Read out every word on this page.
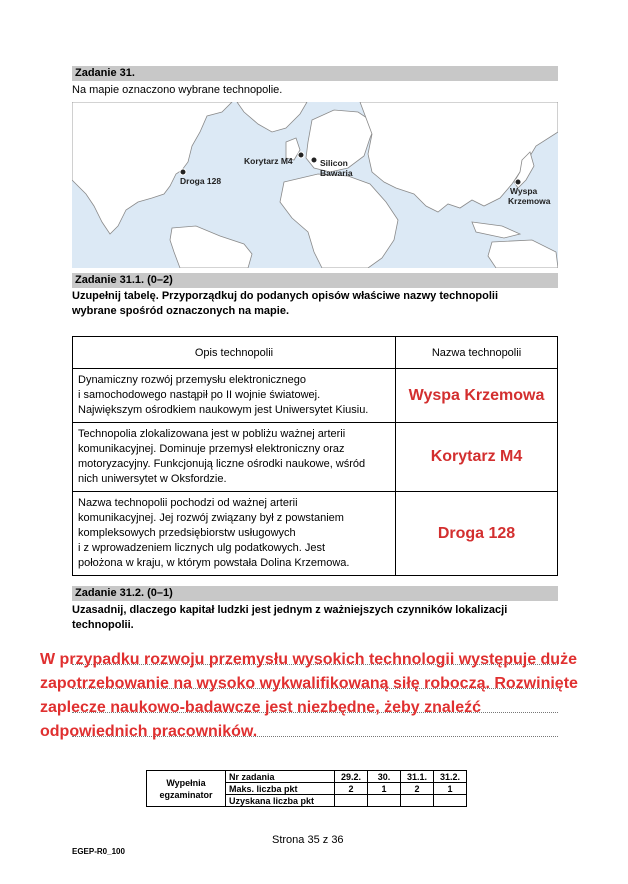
Zadanie 31.
Na mapie oznaczono wybrane technopolie.
Droga 128
Korytarz M4	Silicon
Bawaria
Wyspa
Krzemowa
Zadanie 31.1. (0–2)
Uzupełnij tabelę. Przyporządkuj do podanych opisów właściwe nazwy technopolii
wybrane spośród oznaczonych na mapie.
Opis technopolii	Nazwa technopolii

Dynamiczny rozwój przemysłu elektronicznego
i samochodowego nastąpił po II wojnie światowej.
Największym ośrodkiem naukowym jest Uniwersytet Kiusiu.	Wyspa Krzemowa

Technopolia zlokalizowana jest w pobliżu ważnej arterii
komunikacyjnej. Dominuje przemysł elektroniczny oraz
motoryzacyjny. Funkcjonują liczne ośrodki naukowe, wśród
nich uniwersytet w Oksfordzie.	Korytarz M4

Nazwa technopolii pochodzi od ważnej arterii
komunikacyjnej. Jej rozwój związany był z powstaniem
kompleksowych przedsiębiorstw usługowych
i z wprowadzeniem licznych ulg podatkowych. Jest
położona w kraju, w którym powstała Dolina Krzemowa.	Droga 128
Zadanie 31.2. (0–1)
Uzasadnij, dlaczego kapitał ludzki jest jednym z ważniejszych czynników lokalizacji
technopolii.
W przypadku rozwoju przemysłu wysokich technologii występuje duże
zapotrzebowanie na wysoko wykwalifikowaną siłę roboczą. Rozwinięte
zaplecze naukowo-badawcze jest niezbędne, żeby znaleźć
odpowiednich pracowników.
Wypełnia
egzaminator	Nr zadania	29.2.	30.	31.1.	31.2.
	Maks. liczba pkt	2	1	2	1
	Uzyskana liczba pkt				
Strona 35 z 36
EGEP-R0_100
